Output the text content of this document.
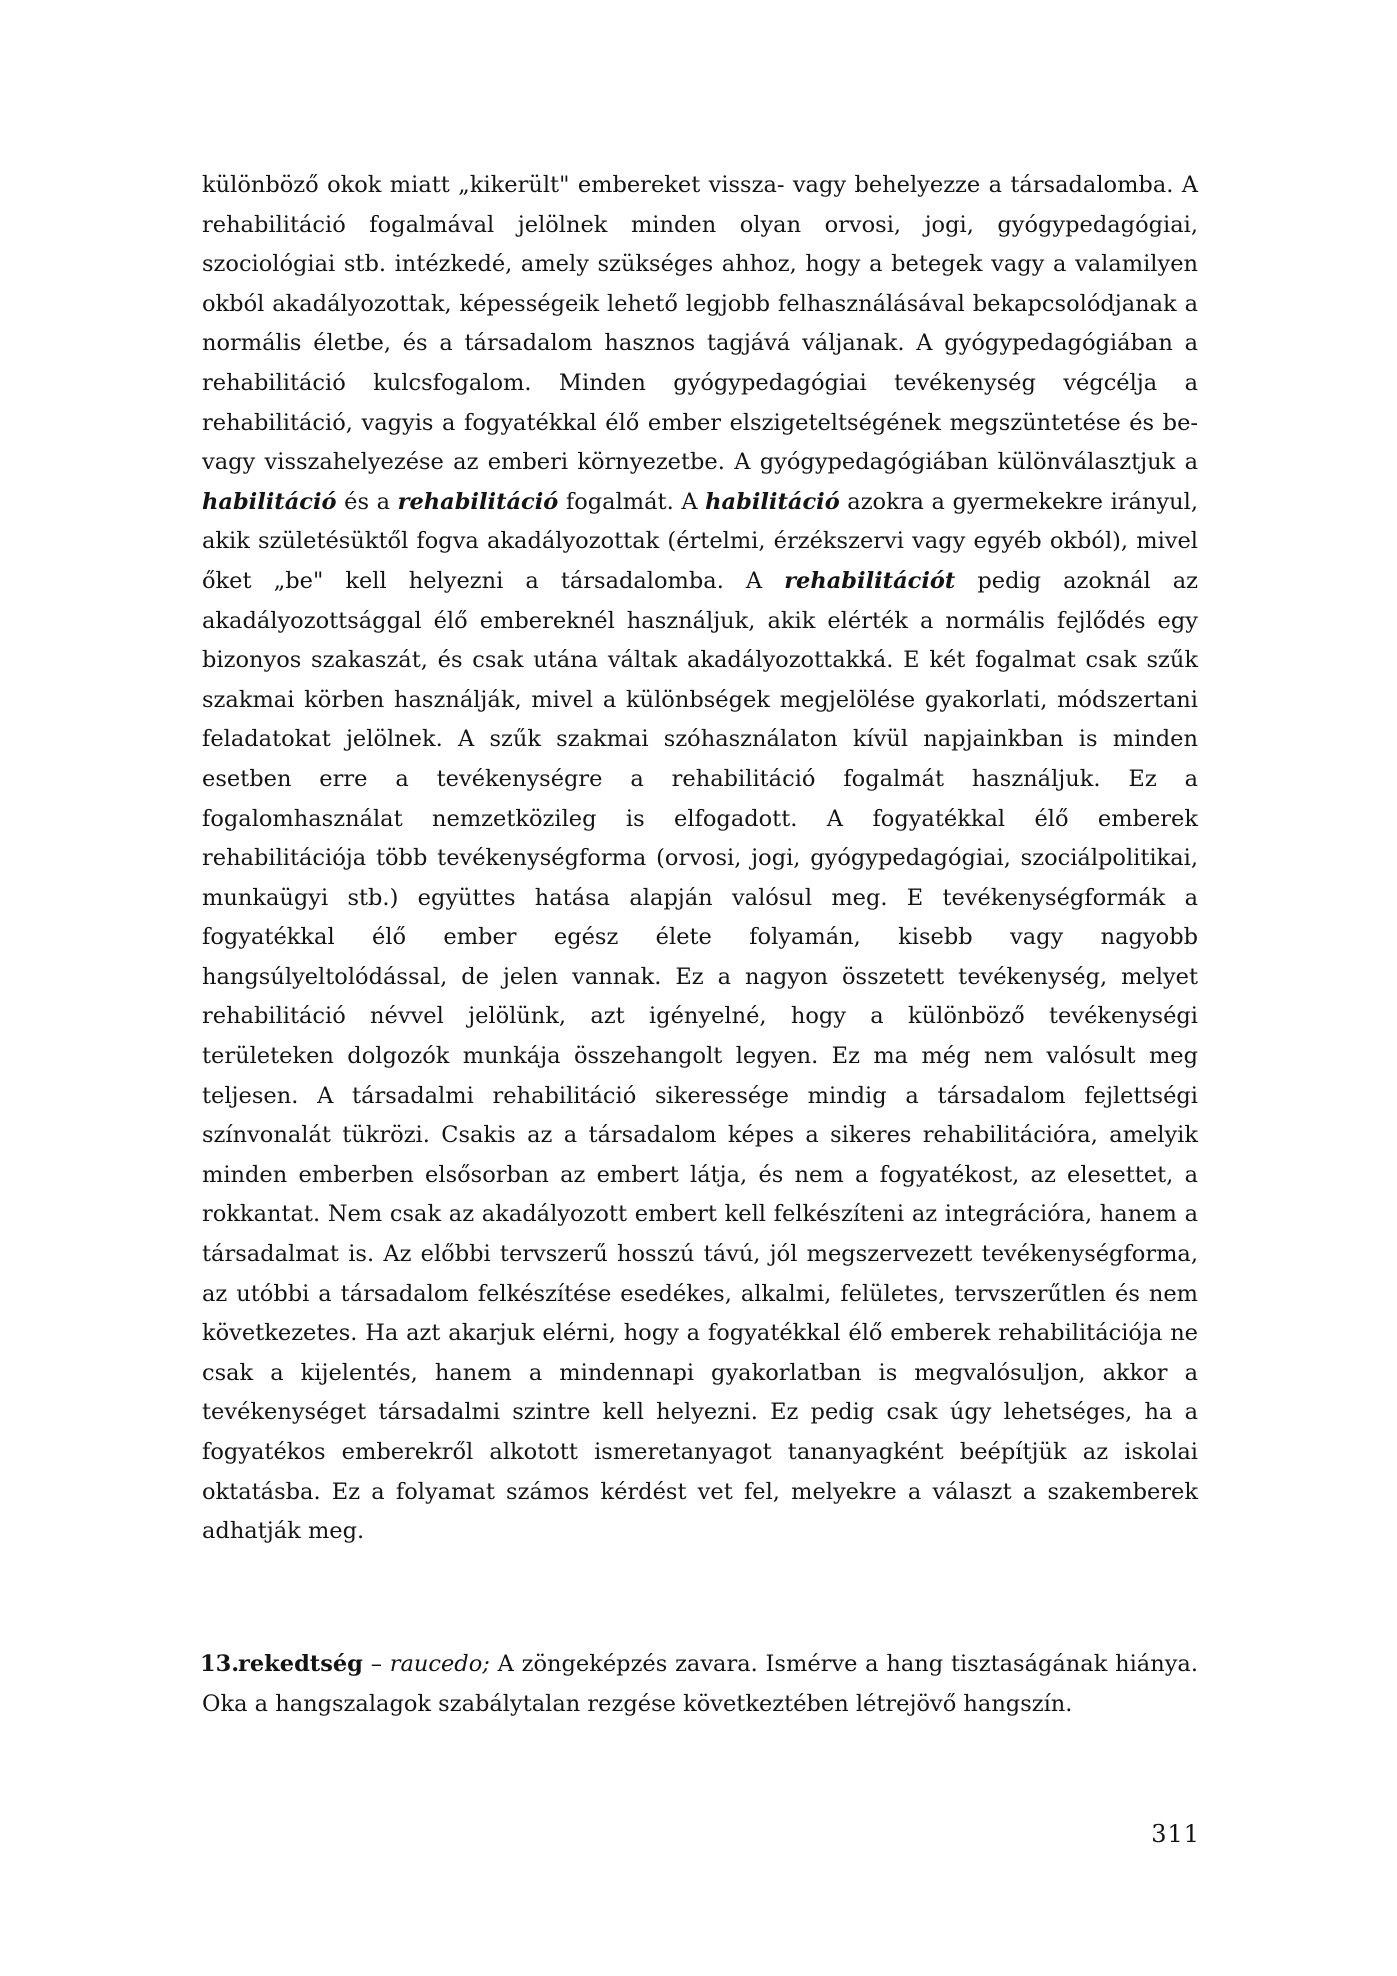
különböző okok miatt „kikerült" embereket vissza- vagy behelyezze a társadalomba. A rehabilitáció fogalmával jelölnek minden olyan orvosi, jogi, gyógypedagógiai, szociológiai stb. intézkedé, amely szükséges ahhoz, hogy a betegek vagy a valamilyen okból akadályozottak, képességeik lehető legjobb felhasználásával bekapcsolódjanak a normális életbe, és a társadalom hasznos tagjává váljanak. A gyógypedagógiában a rehabilitáció kulcsfogalom. Minden gyógypedagógiai tevékenység végcélja a rehabilitáció, vagyis a fogyatékkal élő ember elszigeteltségének megszüntetése és be- vagy visszahelyezése az emberi környezetbe. A gyógypedagógiában különválasztjuk a habilitáció és a rehabilitáció fogalmát. A habilitáció azokra a gyermekekre irányul, akik születésüktől fogva akadályozottak (értelmi, érzékszervi vagy egyéb okból), mivel őket „be" kell helyezni a társadalomba. A rehabilitációt pedig azoknál az akadályozottsággal élő embereknél használjuk, akik elérték a normális fejlődés egy bizonyos szakaszát, és csak utána váltak akadályozottakká. E két fogalmat csak szűk szakmai körben használják, mivel a különbségek megjelölése gyakorlati, módszertani feladatokat jelölnek. A szűk szakmai szóhasználaton kívül napjainkban is minden esetben erre a tevékenységre a rehabilitáció fogalmát használjuk. Ez a fogalomhasználat nemzetközileg is elfogadott. A fogyatékkal élő emberek rehabilitációja több tevékenységforma (orvosi, jogi, gyógypedagógiai, szociálpolitikai, munkaügyi stb.) együttes hatása alapján valósul meg. E tevékenységformák a fogyatékkal élő ember egész élete folyamán, kisebb vagy nagyobb hangsúlyeltolódással, de jelen vannak. Ez a nagyon összetett tevékenység, melyet rehabilitáció névvel jelölünk, azt igényelné, hogy a különböző tevékenységi területeken dolgozók munkája összehangolt legyen. Ez ma még nem valósult meg teljesen. A társadalmi rehabilitáció sikeressége mindig a társadalom fejlettségi színvonalát tükrözi. Csakis az a társadalom képes a sikeres rehabilitációra, amelyik minden emberben elsősorban az embert látja, és nem a fogyatékost, az elesettet, a rokkantat. Nem csak az akadályozott embert kell felkészíteni az integrációra, hanem a társadalmat is. Az előbbi tervszerű hosszú távú, jól megszervezett tevékenységforma, az utóbbi a társadalom felkészítése esedékes, alkalmi, felületes, tervszerűtlen és nem következetes. Ha azt akarjuk elérni, hogy a fogyatékkal élő emberek rehabilitációja ne csak a kijelentés, hanem a mindennapi gyakorlatban is megvalósuljon, akkor a tevékenységet társadalmi szintre kell helyezni. Ez pedig csak úgy lehetséges, ha a fogyatékos emberekről alkotott ismeretanyagot tananyagként beépítjük az iskolai oktatásba. Ez a folyamat számos kérdést vet fel, melyekre a választ a szakemberek adhatják meg.

13.rekedtség – raucedo; A zöngeképzés zavara. Ismérve a hang tisztaságának hiánya. Oka a hangszalagok szabálytalan rezgése következtében létrejövő hangszín.

311
